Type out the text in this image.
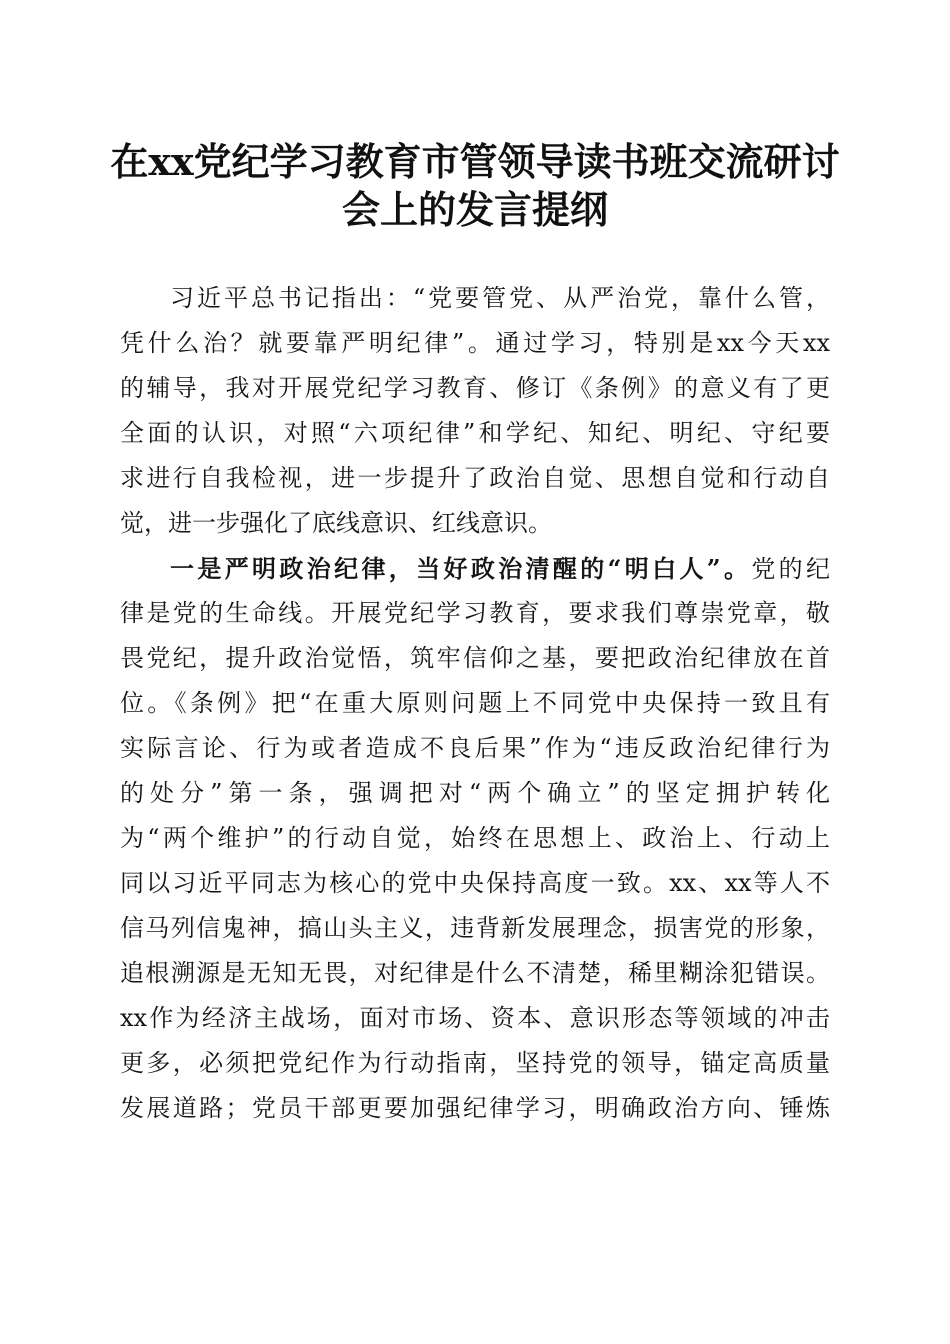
在xx党纪学习教育市管领导读书班交流研讨
会上的发言提纲
习近平总书记指出：“党要管党、从严治党，靠什么管，
凭什么治？就要靠严明纪律”。通过学习，特别是xx今天xx
的辅导，我对开展党纪学习教育、修订《条例》的意义有了更
全面的认识，对照“六项纪律”和学纪、知纪、明纪、守纪要
求进行自我检视，进一步提升了政治自觉、思想自觉和行动自
觉，进一步强化了底线意识、红线意识。
一是严明政治纪律，当好政治清醒的“明白人”。党的纪
律是党的生命线。开展党纪学习教育，要求我们尊崇党章，敬
畏党纪，提升政治觉悟，筑牢信仰之基，要把政治纪律放在首
位。《条例》把“在重大原则问题上不同党中央保持一致且有
实际言论、行为或者造成不良后果”作为“违反政治纪律行为
的处分”第一条，强调把对“两个确立”的坚定拥护转化
为“两个维护”的行动自觉，始终在思想上、政治上、行动上
同以习近平同志为核心的党中央保持高度一致。xx、xx等人不
信马列信鬼神，搞山头主义，违背新发展理念，损害党的形象，
追根溯源是无知无畏，对纪律是什么不清楚，稀里糊涂犯错误。
xx作为经济主战场，面对市场、资本、意识形态等领域的冲击
更多，必须把党纪作为行动指南，坚持党的领导，锚定高质量
发展道路；党员干部更要加强纪律学习，明确政治方向、锤炼
